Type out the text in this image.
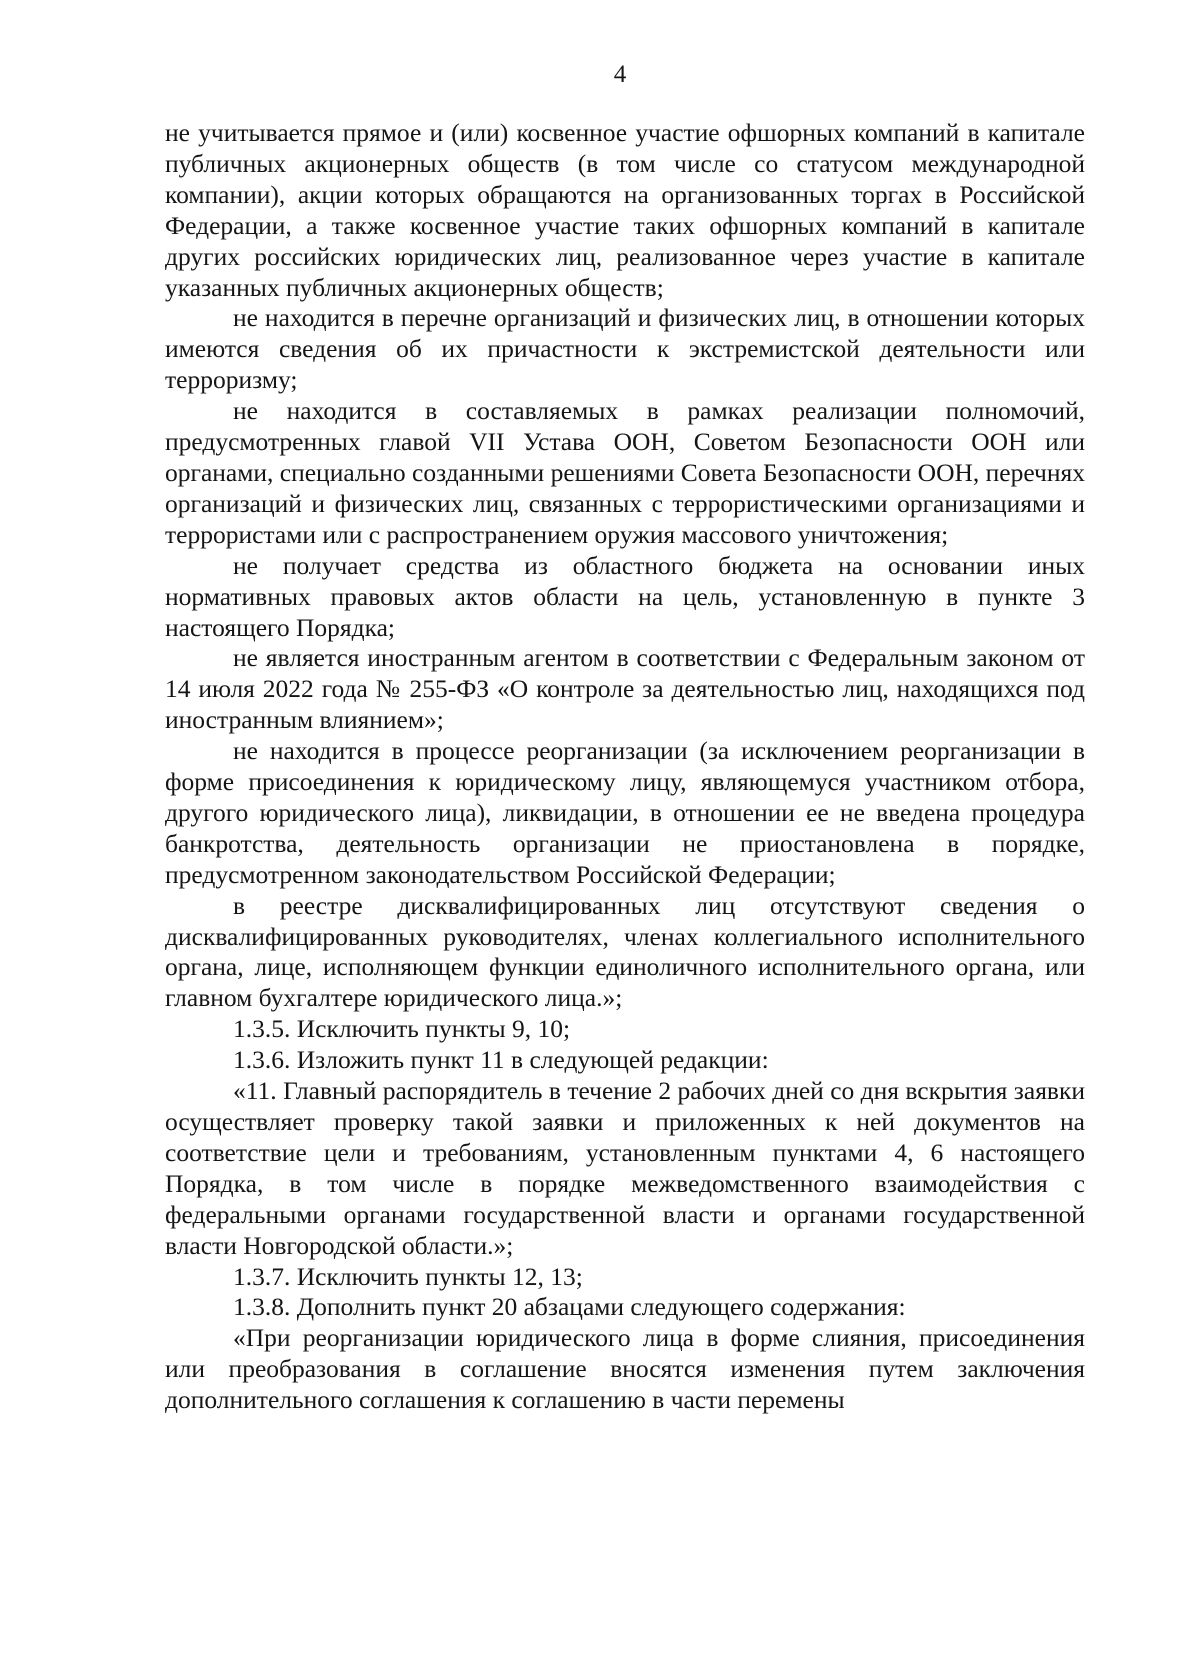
4

не учитывается прямое и (или) косвенное участие офшорных компаний в капитале публичных акционерных обществ (в том числе со статусом международной компании), акции которых обращаются на организованных торгах в Российской Федерации, а также косвенное участие таких офшорных компаний в капитале других российских юридических лиц, реализованное через участие в капитале указанных публичных акционерных обществ;

не находится в перечне организаций и физических лиц, в отношении которых имеются сведения об их причастности к экстремистской деятельности или терроризму;

не находится в составляемых в рамках реализации полномочий, предусмотренных главой VII Устава ООН, Советом Безопасности ООН или органами, специально созданными решениями Совета Безопасности ООН, перечнях организаций и физических лиц, связанных с террористическими организациями и террористами или с распространением оружия массового уничтожения;

не получает средства из областного бюджета на основании иных нормативных правовых актов области на цель, установленную в пункте 3 настоящего Порядка;

не является иностранным агентом в соответствии с Федеральным законом от 14 июля 2022 года № 255-ФЗ «О контроле за деятельностью лиц, находящихся под иностранным влиянием»;

не находится в процессе реорганизации (за исключением реорганизации в форме присоединения к юридическому лицу, являющемуся участником отбора, другого юридического лица), ликвидации, в отношении ее не введена процедура банкротства, деятельность организации не приостановлена в порядке, предусмотренном законодательством Российской Федерации;

в реестре дисквалифицированных лиц отсутствуют сведения о дисквалифицированных руководителях, членах коллегиального исполнительного органа, лице, исполняющем функции единоличного исполнительного органа, или главном бухгалтере юридического лица.»;

1.3.5. Исключить пункты 9, 10;

1.3.6. Изложить пункт 11 в следующей редакции:

«11. Главный распорядитель в течение 2 рабочих дней со дня вскрытия заявки осуществляет проверку такой заявки и приложенных к ней документов на соответствие цели и требованиям, установленным пунктами 4, 6 настоящего Порядка, в том числе в порядке межведомственного взаимодействия с федеральными органами государственной власти и органами государственной власти Новгородской области.»;

1.3.7. Исключить пункты 12, 13;

1.3.8. Дополнить пункт 20 абзацами следующего содержания:

«При реорганизации юридического лица в форме слияния, присоединения или преобразования в соглашение вносятся изменения путем заключения дополнительного соглашения к соглашению в части перемены
